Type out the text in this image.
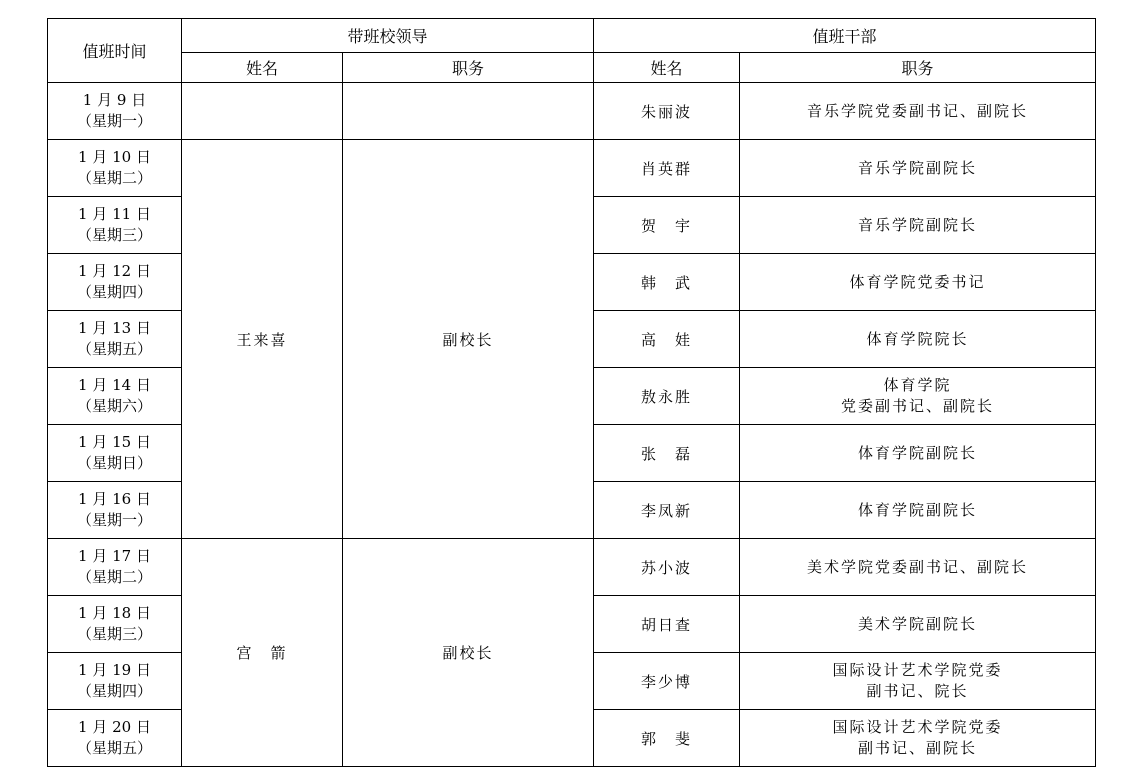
值班时间	带班校领导		值班干部	
	姓名	职务	姓名	职务

1 月 9 日
（星期一）			朱丽波	音乐学院党委副书记、副院长

1 月 10 日
（星期二）	王来喜	副校长	肖英群	音乐学院副院长

1 月 11 日
（星期三）			贺　宇	音乐学院副院长

1 月 12 日
（星期四）			韩　武	体育学院党委书记

1 月 13 日
（星期五）			高　娃	体育学院院长

1 月 14 日
（星期六）			敖永胜	体育学院
党委副书记、副院长

1 月 15 日
（星期日）			张　磊	体育学院副院长

1 月 16 日
（星期一）			李凤新	体育学院副院长

1 月 17 日
（星期二）	宫　箭	副校长	苏小波	美术学院党委副书记、副院长

1 月 18 日
（星期三）			胡日查	美术学院副院长

1 月 19 日
（星期四）			李少博	国际设计艺术学院党委
副书记、院长

1 月 20 日
（星期五）			郭　斐	国际设计艺术学院党委
副书记、副院长
